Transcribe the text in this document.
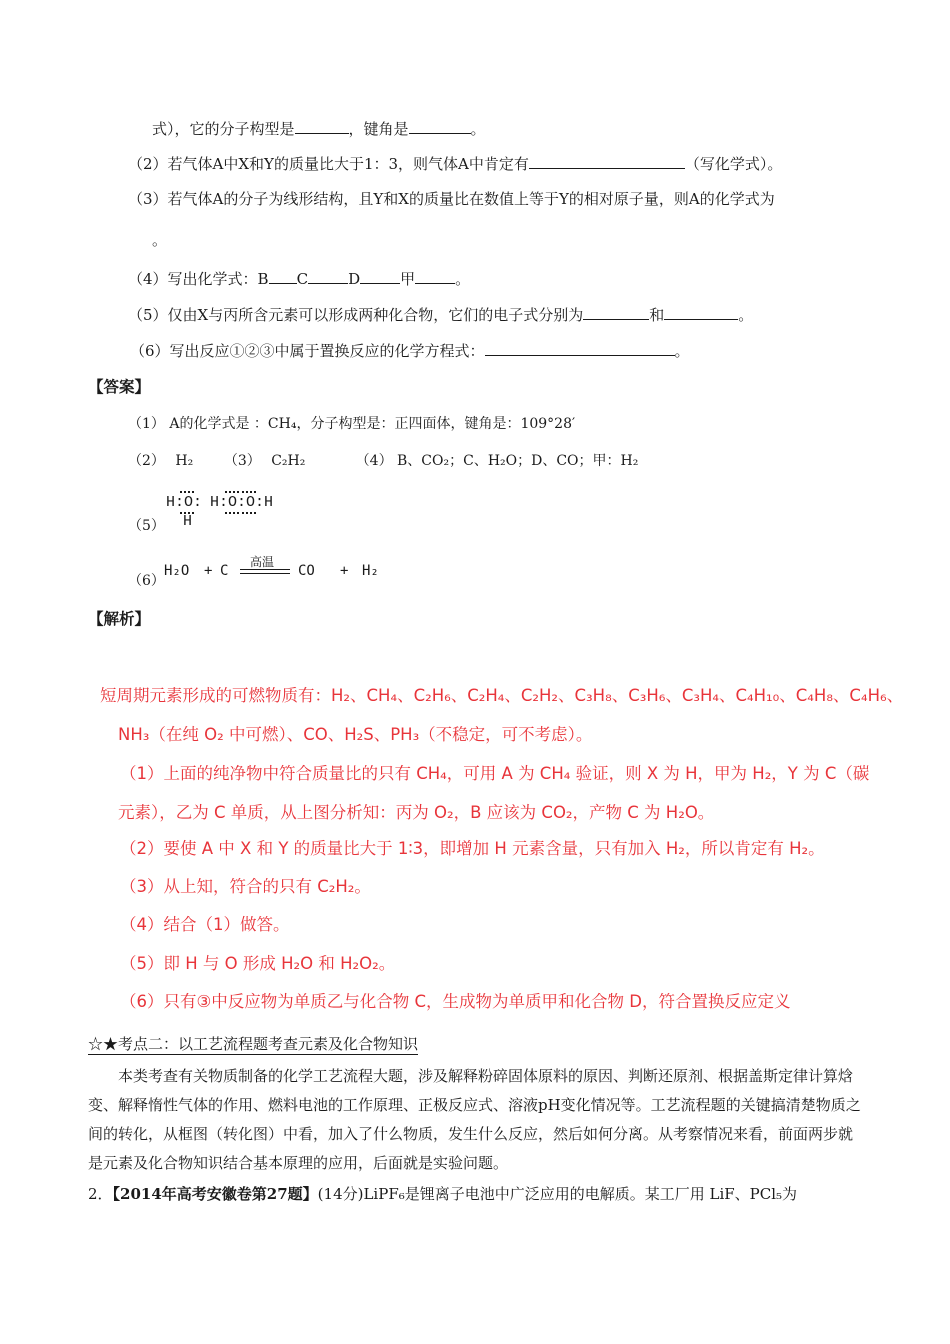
式），它的分子构型是	，键角是	。
（2）若气体A中X和Y的质量比大于1：3，则气体A中肯定有	（写化学式）。
（3）若气体A的分子为线形结构，且Y和X的质量比在数值上等于Y的相对原子量，则A的化学式为
。
（4）写出化学式：B C	D	甲	。
（5）仅由X与丙所含元素可以形成两种化合物，它们的电子式分别为	和	。
（6）写出反应①②③中属于置换反应的化学方程式：	。
【答案】
（1） A的化学式是 ：CH₄，分子构型是：正四面体，键角是：109°28′
（2） H₂ （3） C₂H₂	（4） B、CO₂；C、H₂O；D、CO；甲：H₂
（5）
H:O:
H
H:O:O:H
（6）
H₂O + C
高温
CO + H₂
【解析】
短周期元素形成的可燃物质有：H₂、CH₄、C₂H₆、C₂H₄、C₂H₂、C₃H₈、C₃H₆、C₃H₄、C₄H₁₀、C₄H₈、C₄H₆、
NH₃（在纯 O₂ 中可燃）、CO、H₂S、PH₃（不稳定，可不考虑）。
（1）上面的纯净物中符合质量比的只有 CH₄，可用 A 为 CH₄ 验证，则 X 为 H，甲为 H₂，Y 为 C（碳
元素），乙为 C 单质，从上图分析知：丙为 O₂，B 应该为 CO₂，产物 C 为 H₂O。
（2）要使 A 中 X 和 Y 的质量比大于 1∶3，即增加 H 元素含量，只有加入 H₂，所以肯定有 H₂。
（3）从上知，符合的只有 C₂H₂。
（4）结合（1）做答。
（5）即 H 与 O 形成 H₂O 和 H₂O₂。
（6）只有③中反应物为单质乙与化合物 C，生成物为单质甲和化合物 D，符合置换反应定义
☆★考点二：以工艺流程题考查元素及化合物知识
本类考查有关物质制备的化学工艺流程大题，涉及解释粉碎固体原料的原因、判断还原剂、根据盖斯定律计算焓变、解释惰性气体的作用、燃料电池的工作原理、正极反应式、溶液pH变化情况等。工艺流程题的关键搞清楚物质之间的转化，从框图（转化图）中看，加入了什么物质，发生什么反应，然后如何分离。从考察情况来看，前面两步就是元素及化合物知识结合基本原理的应用，后面就是实验问题。
2．【2014年高考安徽卷第27题】(14分)LiPF₆是锂离子电池中广泛应用的电解质。某工厂用 LiF、PCl₅为
